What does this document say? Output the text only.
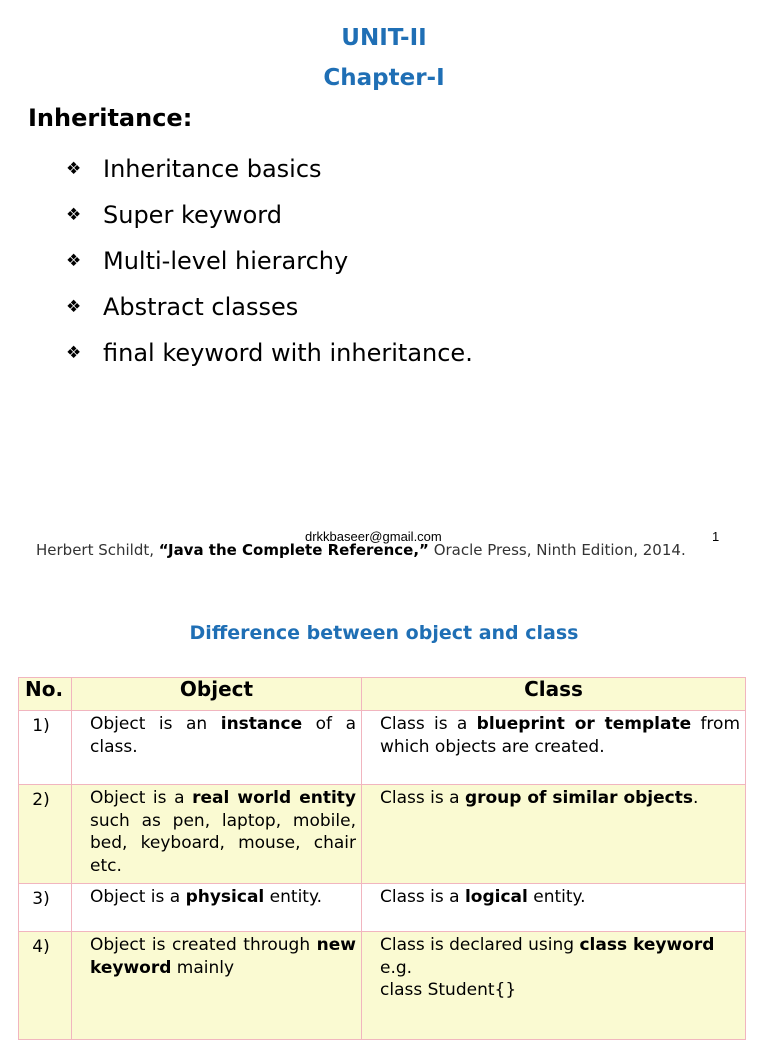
UNIT-II
Chapter-I
Inheritance:
❖ Inheritance basics
❖ Super keyword
❖ Multi-level hierarchy
❖ Abstract classes
❖ final keyword with inheritance.
Herbert Schildt, “Java the Complete Reference,” Oracle Press, Ninth Edition, 2014.
drkkbaseer@gmail.com	1
Difference between object and class
No.	Object	Class
1)	Object is an instance of a class.	Class is a blueprint or template from which objects are created.
2)	Object is a real world entity such as pen, laptop, mobile, bed, keyboard, mouse, chair etc.	Class is a group of similar objects.
3)	Object is a physical entity.	Class is a logical entity.
4)	Object is created through new keyword mainly	Class is declared using class keyword
e.g.
class Student{}
